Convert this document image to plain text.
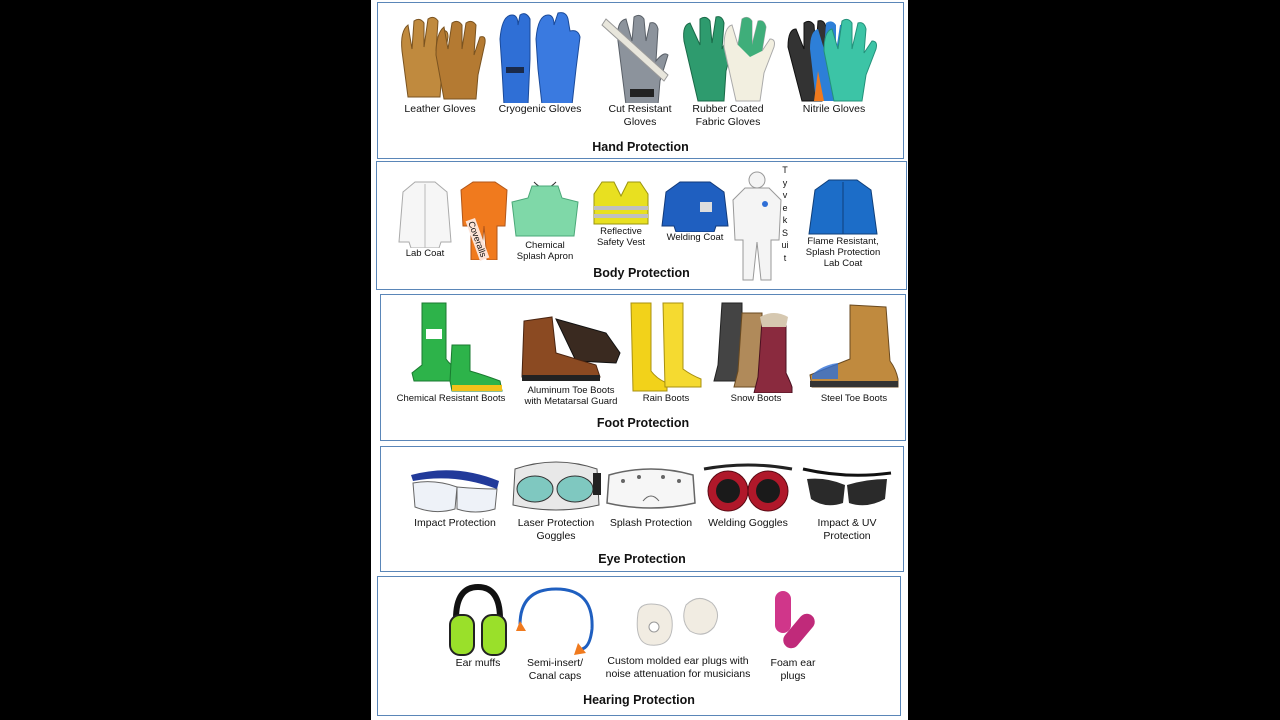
Leather Gloves	Cryogenic Gloves	Cut Resistant
Gloves
Rubber Coated
Fabric Gloves
Nitrile Gloves
Hand Protection
Lab Coat	Coveralls	Chemical
Splash Apron
Reflective
Safety Vest	Welding Coat
Tyvek Suit
Flame Resistant,
Splash Protection
Lab Coat
Body Protection
Chemical Resistant Boots
Aluminum Toe Boots
with Metatarsal Guard	Rain Boots	Snow Boots	Steel Toe Boots
Foot Protection
Impact Protection	Laser Protection
Goggles
Splash Protection	Welding Goggles	Impact & UV
Protection
Eye Protection
Ear muffs	Semi-insert/
Canal caps
Custom molded ear plugs with
noise attenuation for musicians
Foam ear
plugs
Hearing Protection
